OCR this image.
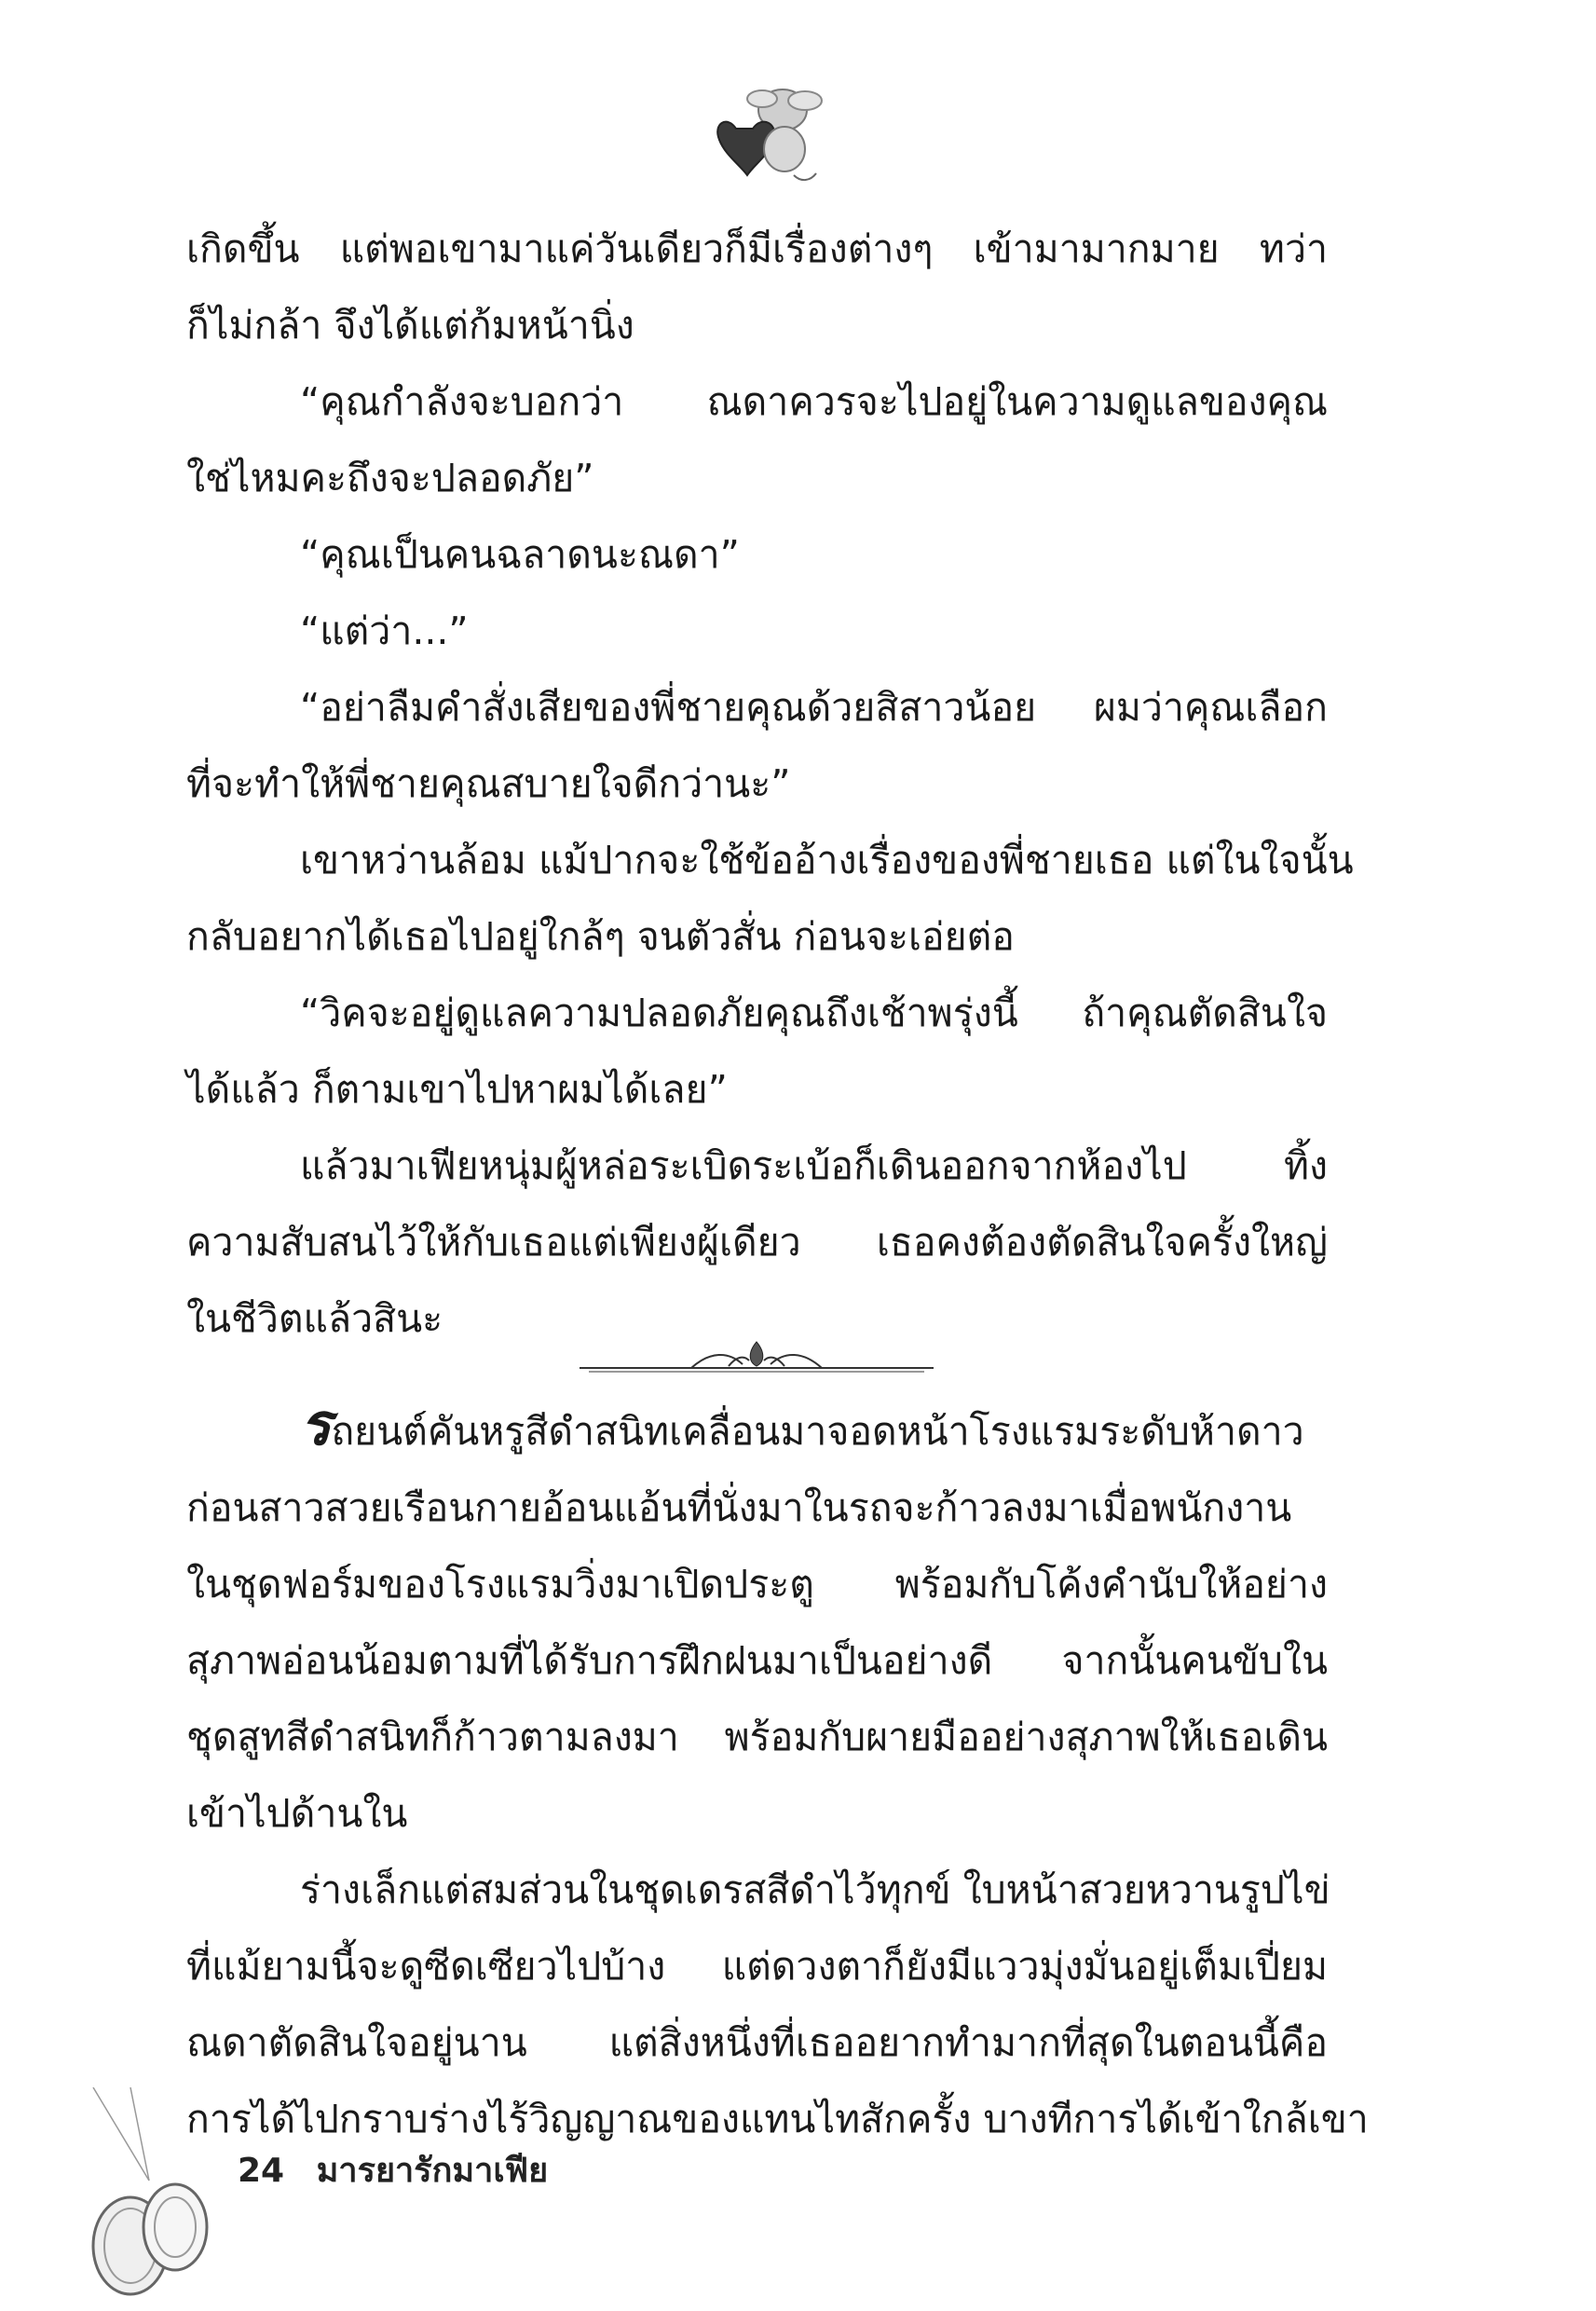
เกิดขึ้น แต่พอเขามาแค่วันเดียวก็มีเรื่องต่างๆ เข้ามามากมาย ทว่า
ก็ไม่กล้า จึงได้แต่ก้มหน้านิ่ง
“คุณกำลังจะบอกว่า ณดาควรจะไปอยู่ในความดูแลของคุณ
ใช่ไหมคะถึงจะปลอดภัย”
“คุณเป็นคนฉลาดนะณดา”
“แต่ว่า...”
“อย่าลืมคำสั่งเสียของพี่ชายคุณด้วยสิสาวน้อย ผมว่าคุณเลือก
ที่จะทำให้พี่ชายคุณสบายใจดีกว่านะ”
เขาหว่านล้อม แม้ปากจะใช้ข้ออ้างเรื่องของพี่ชายเธอ แต่ในใจนั้น
กลับอยากได้เธอไปอยู่ใกล้ๆ จนตัวสั่น ก่อนจะเอ่ยต่อ
“วิคจะอยู่ดูแลความปลอดภัยคุณถึงเช้าพรุ่งนี้ ถ้าคุณตัดสินใจ
ได้แล้ว ก็ตามเขาไปหาผมได้เลย”
แล้วมาเฟียหนุ่มผู้หล่อระเบิดระเบ้อก็เดินออกจากห้องไป ทิ้ง
ความสับสนไว้ให้กับเธอแต่เพียงผู้เดียว เธอคงต้องตัดสินใจครั้งใหญ่
ในชีวิตแล้วสินะ
รถยนต์คันหรูสีดำสนิทเคลื่อนมาจอดหน้าโรงแรมระดับห้าดาว
ก่อนสาวสวยเรือนกายอ้อนแอ้นที่นั่งมาในรถจะก้าวลงมาเมื่อพนักงาน
ในชุดฟอร์มของโรงแรมวิ่งมาเปิดประตู พร้อมกับโค้งคำนับให้อย่าง
สุภาพอ่อนน้อมตามที่ได้รับการฝึกฝนมาเป็นอย่างดี จากนั้นคนขับใน
ชุดสูทสีดำสนิทก็ก้าวตามลงมา พร้อมกับผายมืออย่างสุภาพให้เธอเดิน
เข้าไปด้านใน
ร่างเล็กแต่สมส่วนในชุดเดรสสีดำไว้ทุกข์ ใบหน้าสวยหวานรูปไข่
ที่แม้ยามนี้จะดูซีดเซียวไปบ้าง แต่ดวงตาก็ยังมีแววมุ่งมั่นอยู่เต็มเปี่ยม
ณดาตัดสินใจอยู่นาน แต่สิ่งหนึ่งที่เธออยากทำมากที่สุดในตอนนี้คือ
การได้ไปกราบร่างไร้วิญญาณของแทนไทสักครั้ง บางทีการได้เข้าใกล้เขา
24 มารยารักมาเฟีย
